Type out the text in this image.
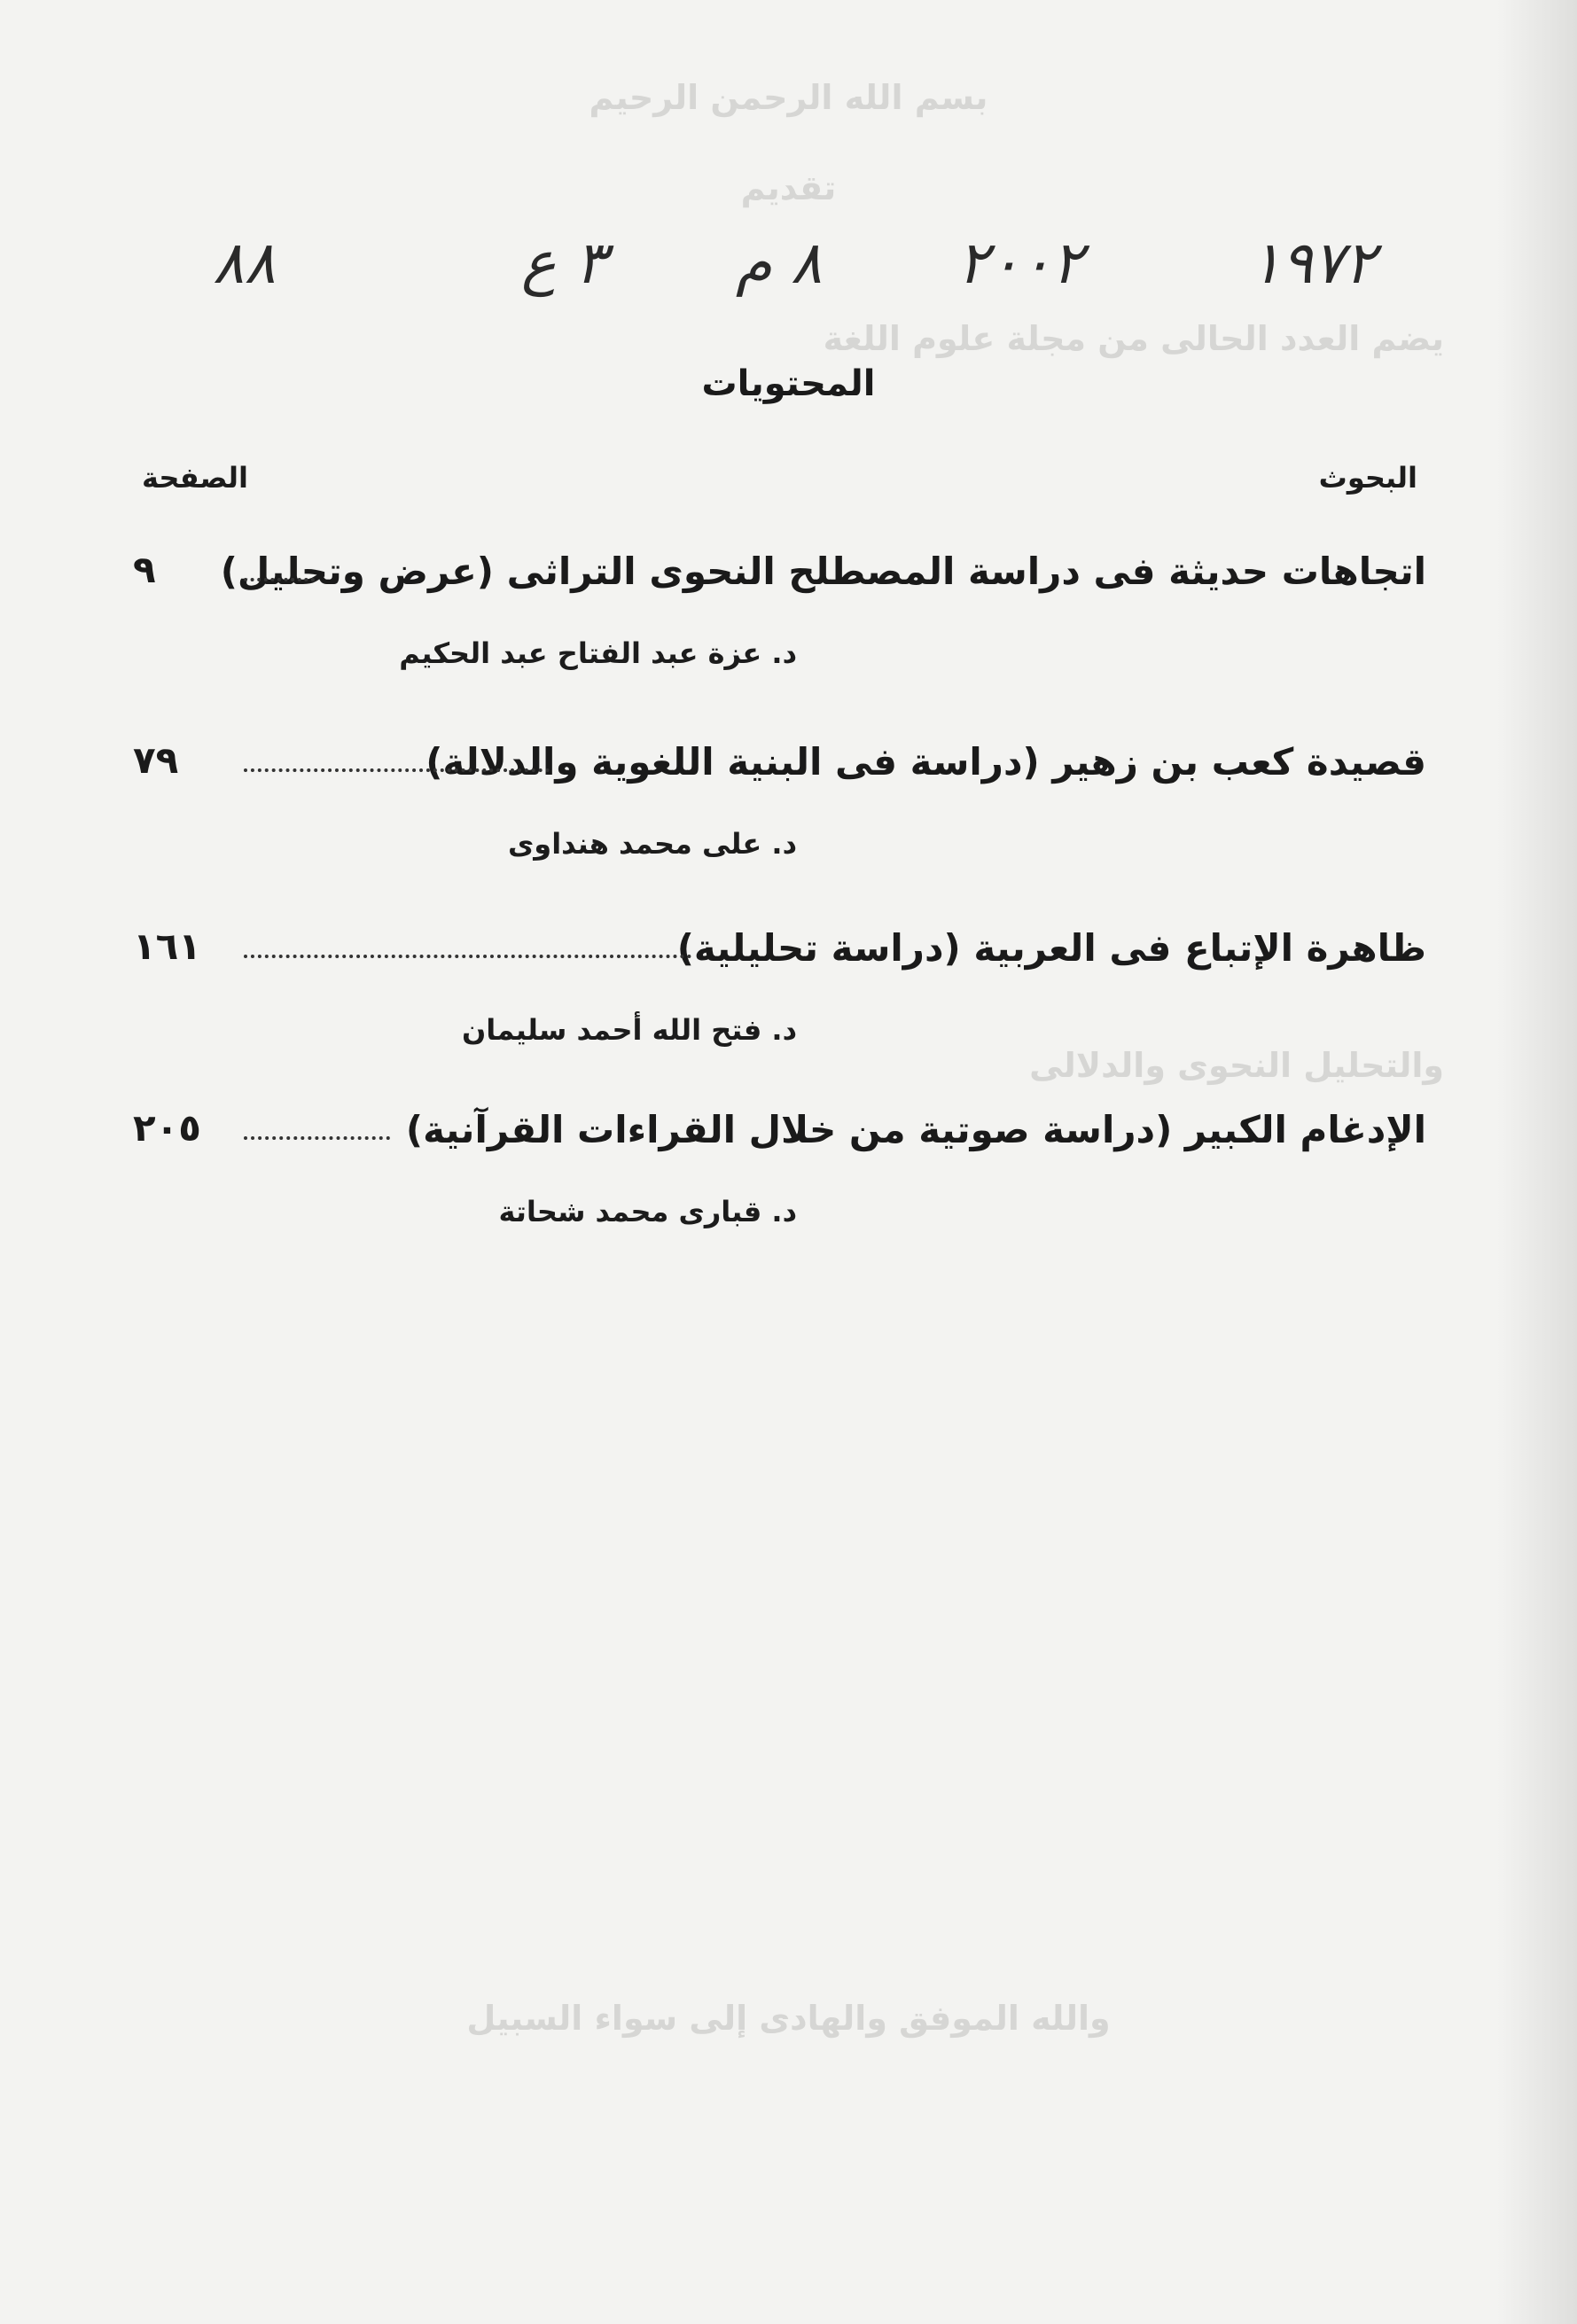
بسم الله الرحمن الرحيم
تقديم
يضم العدد الحالى من مجلة علوم اللغة
والتحليل النحوى والدلالى
والله الموفق والهادى إلى سواء السبيل
٨٨	٣ ع ٨ م ٢٠٠٢	١٩٧٢
المحتويات
البحوث
الصفحة
اتجاهات حديثة فى دراسة المصطلح النحوى التراثى (عرض وتحليل)
٩
د. عزة عبد الفتاح عبد الحكيم
قصيدة كعب بن زهير (دراسة فى البنية اللغوية والدلالة)
٧٩
د. على محمد هنداوى
ظاهرة الإتباع فى العربية (دراسة تحليلية)
١٦١
د. فتح الله أحمد سليمان
الإدغام الكبير (دراسة صوتية من خلال القراءات القرآنية)
٢٠٥
د. قبارى محمد شحاتة
